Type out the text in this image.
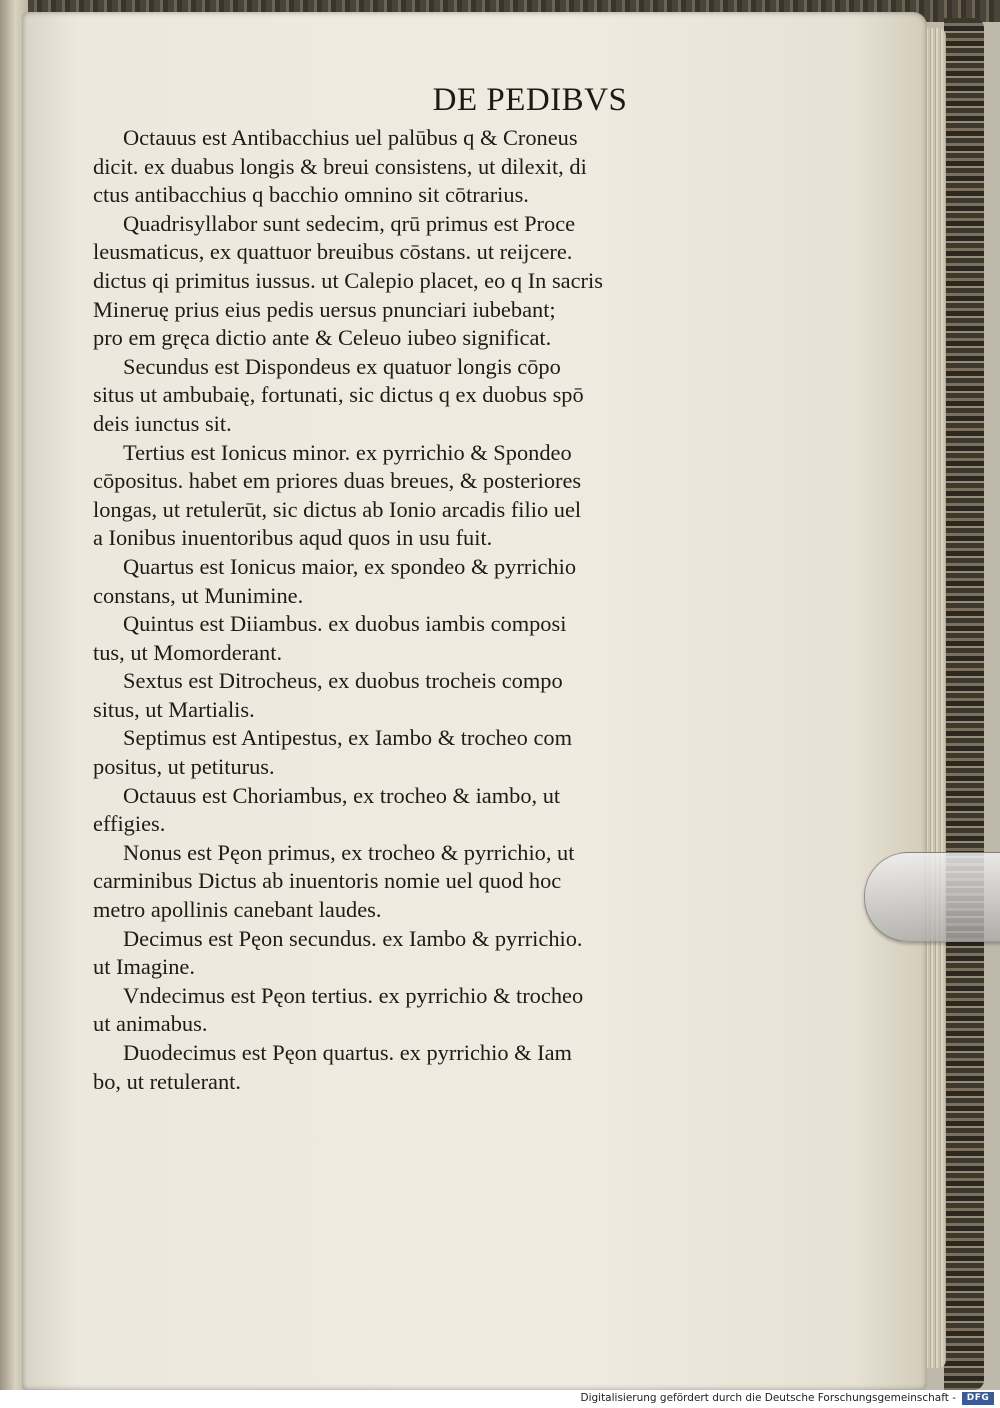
DE PEDIBVS
Octauus est Antibacchius uel palūbus q & Croneus
dicit. ex duabus longis & breui consistens, ut dilexit, di
ctus antibacchius q bacchio omnino sit cōtrarius.
Quadrisyllabor sunt sedecim, qrū primus est Proce
leusmaticus, ex quattuor breuibus cōstans. ut reijcere.
dictus qi primitus iussus. ut Calepio placet, eo q In sacris
Mineruę prius eius pedis uersus pnunciari iubebant;
pro em gręca dictio ante & Celeuo iubeo significat.
Secundus est Dispondeus ex quatuor longis cōpo
situs ut ambubaię, fortunati, sic dictus q ex duobus spō
deis iunctus sit.
Tertius est Ionicus minor. ex pyrrichio & Spondeo
cōpositus. habet em priores duas breues, & posteriores
longas, ut retulerūt, sic dictus ab Ionio arcadis filio uel
a Ionibus inuentoribus aqud quos in usu fuit.
Quartus est Ionicus maior, ex spondeo & pyrrichio
constans, ut Munimine.
Quintus est Diiambus. ex duobus iambis composi
tus, ut Momorderant.
Sextus est Ditrocheus, ex duobus trocheis compo
situs, ut Martialis.
Septimus est Antipestus, ex Iambo & trocheo com
positus, ut petiturus.
Octauus est Choriambus, ex trocheo & iambo, ut
effigies.
Nonus est Pęon primus, ex trocheo & pyrrichio, ut
carminibus Dictus ab inuentoris nomie uel quod hoc
metro apollinis canebant laudes.
Decimus est Pęon secundus. ex Iambo & pyrrichio.
ut Imagine.
Vndecimus est Pęon tertius. ex pyrrichio & trocheo
ut animabus.
Duodecimus est Pęon quartus. ex pyrrichio & Iam
bo, ut retulerant.
Digitalisierung gefördert durch die Deutsche Forschungsgemeinschaft -	DFG
